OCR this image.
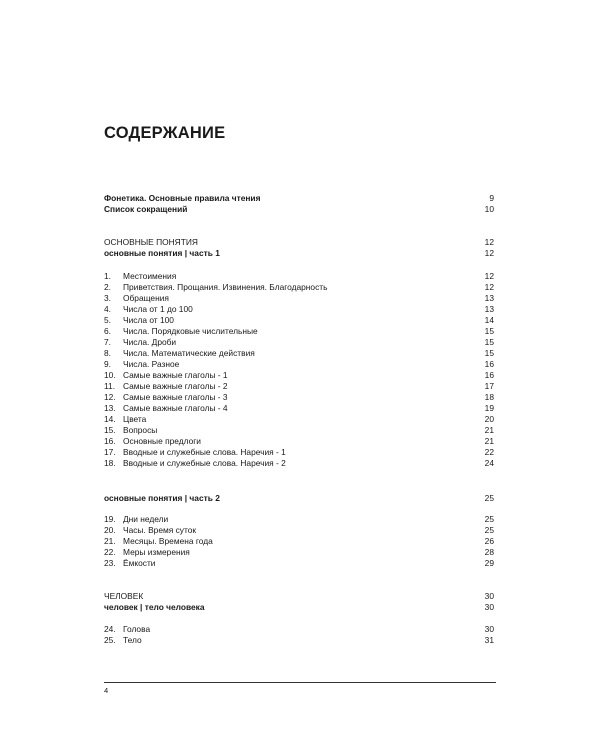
СОДЕРЖАНИЕ
Фонетика. Основные правила чтения	9
Список сокращений	10
ОСНОВНЫЕ ПОНЯТИЯ	12
основные понятия | часть 1	12
1. Местоимения	12
2. Приветствия. Прощания. Извинения. Благодарность	12
3. Обращения	13
4. Числа от 1 до 100	13
5. Числа от 100	14
6. Числа. Порядковые числительные	15
7. Числа. Дроби	15
8. Числа. Математические действия	15
9. Числа. Разное	16
10. Самые важные глаголы - 1	16
11. Самые важные глаголы - 2	17
12. Самые важные глаголы - 3	18
13. Самые важные глаголы - 4	19
14. Цвета	20
15. Вопросы	21
16. Основные предлоги	21
17. Вводные и служебные слова. Наречия - 1	22
18. Вводные и служебные слова. Наречия - 2	24
основные понятия | часть 2	25
19. Дни недели	25
20. Часы. Время суток	25
21. Месяцы. Времена года	26
22. Меры измерения	28
23. Ёмкости	29
ЧЕЛОВЕК	30
человек | тело человека	30
24. Голова	30
25. Тело	31
4
